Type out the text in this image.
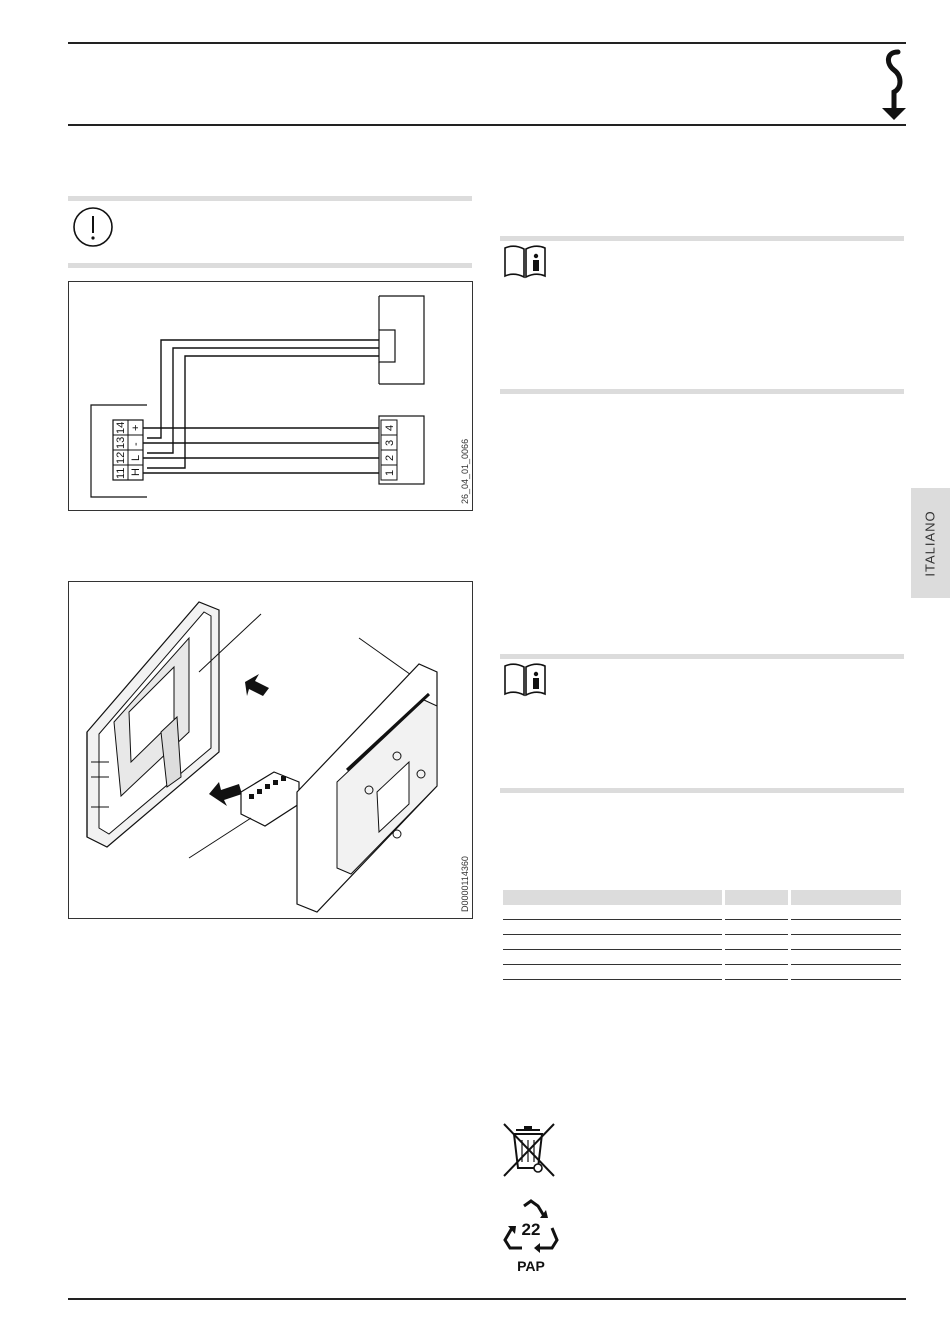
11
12
13
14
H
L
-
+
1
2
3
4
26_04_01_0066
D0000114360
ITALIANO

22
PAP
